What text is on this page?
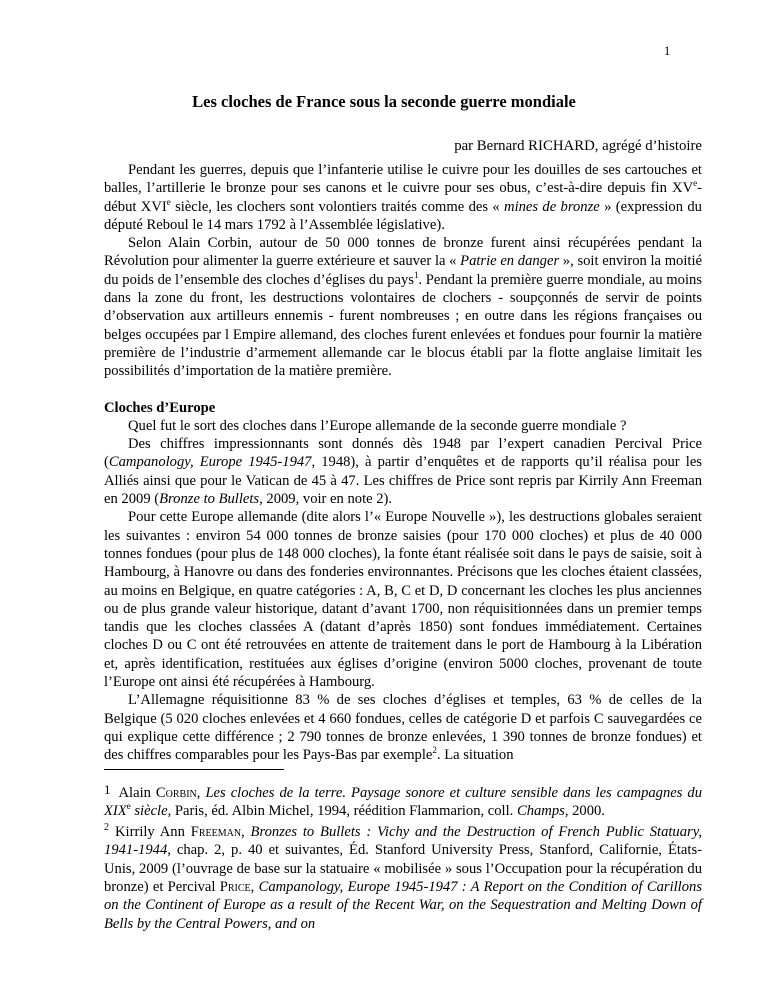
1
Les cloches de France sous la seconde guerre mondiale
par Bernard RICHARD, agrégé d’histoire

Pendant les guerres, depuis que l’infanterie utilise le cuivre pour les douilles de ses cartouches et balles, l’artillerie le bronze pour ses canons et le cuivre pour ses obus, c’est-à-dire depuis fin XVe-début XVIe siècle, les clochers sont volontiers traités comme des « mines de bronze » (expression du député Reboul le 14 mars 1792 à l’Assemblée législative).

Selon Alain Corbin, autour de 50 000 tonnes de bronze furent ainsi récupérées pendant la Révolution pour alimenter la guerre extérieure et sauver la « Patrie en danger », soit environ la moitié du poids de l’ensemble des cloches d’églises du pays$^1$. Pendant la première guerre mondiale, au moins dans la zone du front, les destructions volontaires de clochers - soupçonnés de servir de points d’observation aux artilleurs ennemis - furent nombreuses ; en outre dans les régions françaises ou belges occupées par l Empire allemand, des cloches furent enlevées et fondues pour fournir la matière première de l’industrie d’armement allemande car le blocus établi par la flotte anglaise limitait les possibilités d’importation de la matière première.

Cloches d’Europe

Quel fut le sort des cloches dans l’Europe allemande de la seconde guerre mondiale ?

Des chiffres impressionnants sont donnés dès 1948 par l’expert canadien Percival Price (Campanology, Europe 1945-1947, 1948), à partir d’enquêtes et de rapports qu’il réalisa pour les Alliés ainsi que pour le Vatican de 45 à 47. Les chiffres de Price sont repris par Kirrily Ann Freeman en 2009 (Bronze to Bullets, 2009, voir en note 2).

Pour cette Europe allemande (dite alors l’« Europe Nouvelle »), les destructions globales seraient les suivantes : environ 54 000 tonnes de bronze saisies (pour 170 000 cloches) et plus de 40 000 tonnes fondues (pour plus de 148 000 cloches), la fonte étant réalisée soit dans le pays de saisie, soit à Hambourg, à Hanovre ou dans des fonderies environnantes. Précisons que les cloches étaient classées, au moins en Belgique, en quatre catégories : A, B, C et D, D concernant les cloches les plus anciennes ou de plus grande valeur historique, datant d’avant 1700, non réquisitionnées dans un premier temps tandis que les cloches classées A (datant d’après 1850) sont fondues immédiatement. Certaines cloches D ou C ont été retrouvées en attente de traitement dans le port de Hambourg à la Libération et, après identification, restituées aux églises d’origine (environ 5000 cloches, provenant de toute l’Europe ont ainsi été récupérées à Hambourg.

L’Allemagne réquisitionne 83 % de ses cloches d’églises et temples, 63 % de celles de la Belgique (5 020 cloches enlevées et 4 660 fondues, celles de catégorie D et parfois C sauvegardées ce qui explique cette différence ; 2 790 tonnes de bronze enlevées, 1 390 tonnes de bronze fondues) et des chiffres comparables pour les Pays-Bas par exemple$^2$. La situation

1 Alain Corbin, Les cloches de la terre. Paysage sonore et culture sensible dans les campagnes du XIXe siècle, Paris, éd. Albin Michel, 1994, réédition Flammarion, coll. Champs, 2000.

$^2$ Kirrily Ann Freeman, Bronzes to Bullets : Vichy and the Destruction of French Public Statuary, 1941-1944, chap. 2, p. 40 et suivantes, Éd. Stanford University Press, Stanford, Californie, États-Unis, 2009 (l’ouvrage de base sur la statuaire « mobilisée » sous l’Occupation pour la récupération du bronze) et Percival Price, Campanology, Europe 1945-1947 : A Report on the Condition of Carillons on the Continent of Europe as a result of the Recent War, on the Sequestration and Melting Down of Bells by the Central Powers, and on
